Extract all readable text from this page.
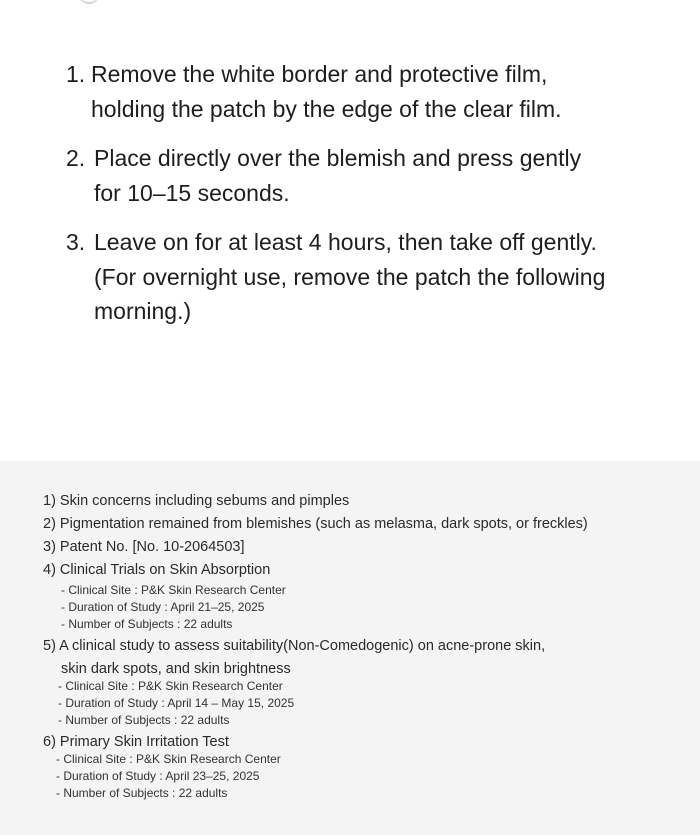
1. Remove the white border and protective film,
holding the patch by the edge of the clear film.
2. Place directly over the blemish and press gently
for 10–15 seconds.
3. Leave on for at least 4 hours, then take off gently.
(For overnight use, remove the patch the following
morning.)
1) Skin concerns including sebums and pimples
2) Pigmentation remained from blemishes (such as melasma, dark spots, or freckles)
3) Patent No. [No. 10-2064503]
4) Clinical Trials on Skin Absorption
- Clinical Site : P&K Skin Research Center
- Duration of Study : April 21–25, 2025
- Number of Subjects : 22 adults
5) A clinical study to assess suitability(Non-Comedogenic) on acne-prone skin,
skin dark spots, and skin brightness
- Clinical Site : P&K Skin Research Center
- Duration of Study : April 14 – May 15, 2025
- Number of Subjects : 22 adults
6) Primary Skin Irritation Test
- Clinical Site : P&K Skin Research Center
- Duration of Study : April 23–25, 2025
- Number of Subjects : 22 adults
